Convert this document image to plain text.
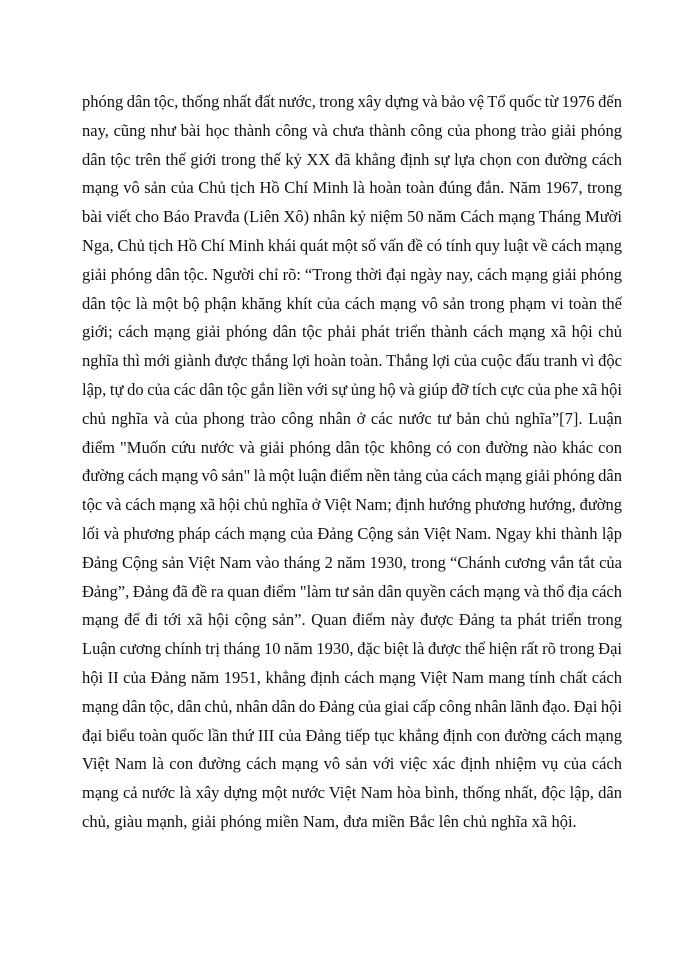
phóng dân tộc, thống nhất đất nước, trong xây dựng và bảo vệ Tổ quốc từ 1976 đến
nay, cũng như bài học thành công và chưa thành công của phong trào giải phóng
dân tộc trên thế giới trong thế kỷ XX đã khẳng định sự lựa chọn con đường cách
mạng vô sản của Chủ tịch Hồ Chí Minh là hoàn toàn đúng đắn. Năm 1967, trong
bài viết cho Báo Pravđa (Liên Xô) nhân kỷ niệm 50 năm Cách mạng Tháng Mười
Nga, Chủ tịch Hồ Chí Minh khái quát một số vấn đề có tính quy luật về cách mạng
giải phóng dân tộc. Người chỉ rõ: “Trong thời đại ngày nay, cách mạng giải phóng
dân tộc là một bộ phận khăng khít của cách mạng vô sản trong phạm vi toàn thế
giới; cách mạng giải phóng dân tộc phải phát triển thành cách mạng xã hội chủ
nghĩa thì mới giành được thắng lợi hoàn toàn. Thắng lợi của cuộc đấu tranh vì độc
lập, tự do của các dân tộc gắn liền với sự ủng hộ và giúp đỡ tích cực của phe xã hội
chủ nghĩa và của phong trào công nhân ở các nước tư bản chủ nghĩa”[7]. Luận
điểm "Muốn cứu nước và giải phóng dân tộc không có con đường nào khác con
đường cách mạng vô sản" là một luận điểm nền tảng của cách mạng giải phóng dân
tộc và cách mạng xã hội chủ nghĩa ở Việt Nam; định hướng phương hướng, đường
lối và phương pháp cách mạng của Đảng Cộng sản Việt Nam. Ngay khi thành lập
Đảng Cộng sản Việt Nam vào tháng 2 năm 1930, trong “Chánh cương vắn tắt của
Đảng”, Đảng đã đề ra quan điểm "làm tư sản dân quyền cách mạng và thổ địa cách
mạng để đi tới xã hội cộng sản”. Quan điểm này được Đảng ta phát triển trong
Luận cương chính trị tháng 10 năm 1930, đặc biệt là được thể hiện rất rõ trong Đại
hội II của Đảng năm 1951, khẳng định cách mạng Việt Nam mang tính chất cách
mạng dân tộc, dân chủ, nhân dân do Đảng của giai cấp công nhân lãnh đạo. Đại hội
đại biểu toàn quốc lần thứ III của Đảng tiếp tục khẳng định con đường cách mạng
Việt Nam là con đường cách mạng vô sản với việc xác định nhiệm vụ của cách
mạng cả nước là xây dựng một nước Việt Nam hòa bình, thống nhất, độc lập, dân
chủ, giàu mạnh, giải phóng miền Nam, đưa miền Bắc lên chủ nghĩa xã hội.
